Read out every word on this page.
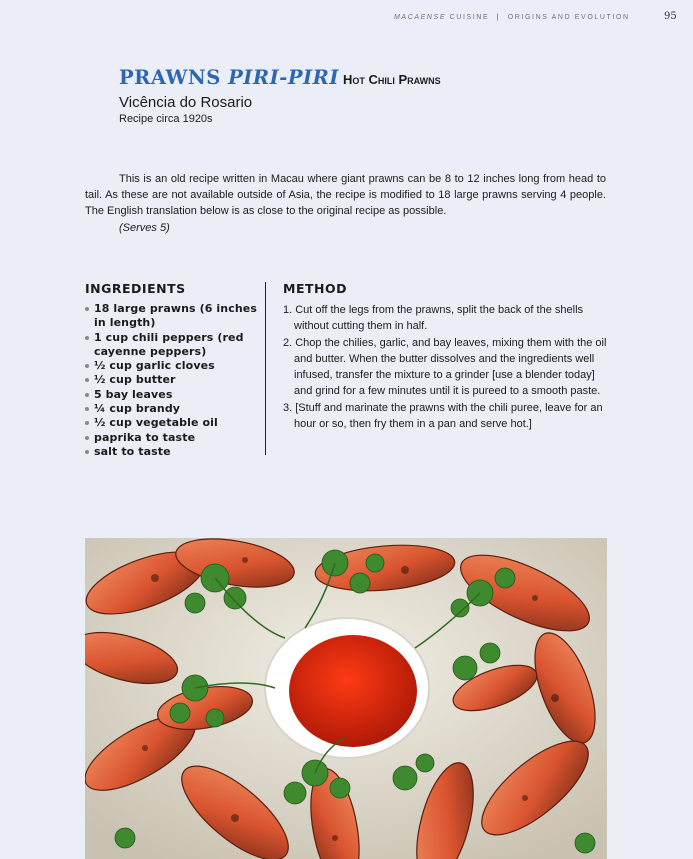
MACAENSE CUISINE | ORIGINS AND EVOLUTION	95
PRAWNS PIRI-PIRI Hot Chili Prawns
Vicência do Rosario
Recipe circa 1920s

This is an old recipe written in Macau where giant prawns can be 8 to 12 inches long from head to tail. As these are not available outside of Asia, the recipe is modified to 18 large prawns serving 4 people. The English translation below is as close to the original recipe as possible.

(Serves 5)
INGREDIENTS
18 large prawns (6 inches in length)
1 cup chili peppers (red cayenne peppers)
½ cup garlic cloves
½ cup butter
5 bay leaves
¼ cup brandy
½ cup vegetable oil
paprika to taste
salt to taste
METHOD
1. Cut off the legs from the prawns, split the back of the shells without cutting them in half.
2. Chop the chilies, garlic, and bay leaves, mixing them with the oil and butter. When the butter dissolves and the ingredients well infused, transfer the mixture to a grinder [use a blender today] and grind for a few minutes until it is pureed to a smooth paste.
3. [Stuff and marinate the prawns with the chili puree, leave for an hour or so, then fry them in a pan and serve hot.]
